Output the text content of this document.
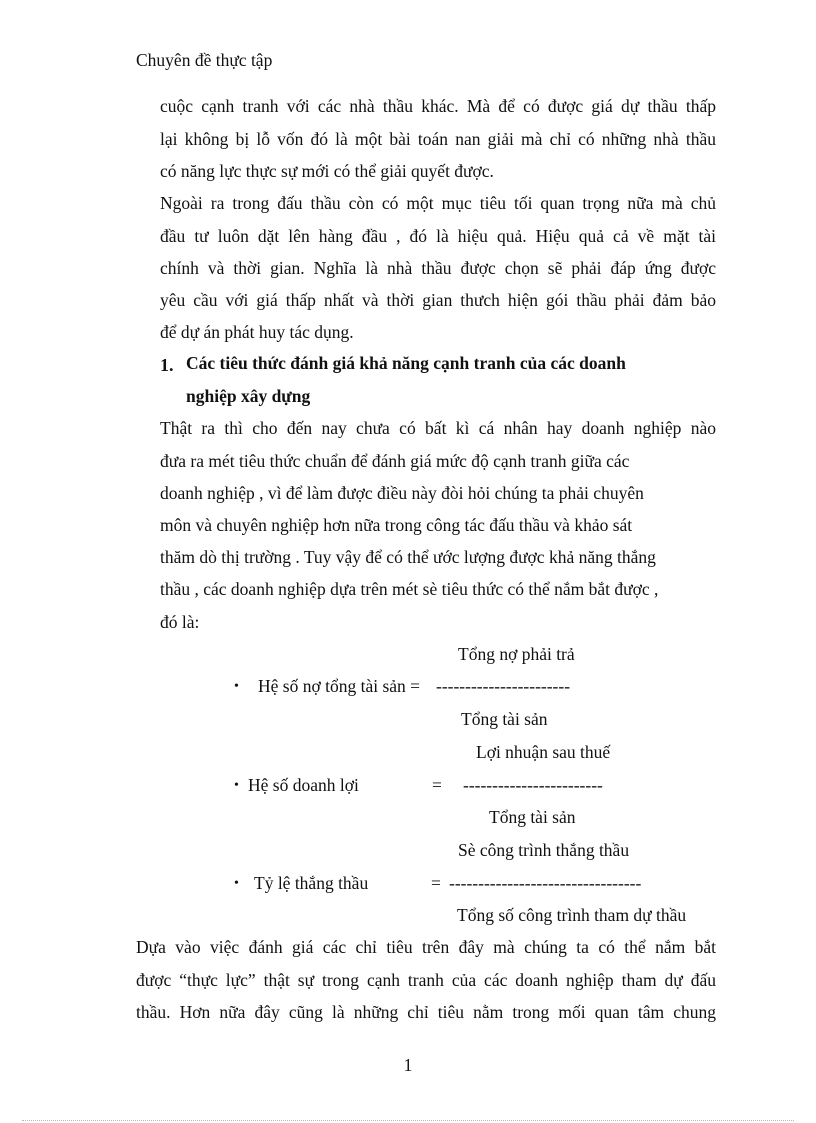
Chuyên đề thực tập
cuộc cạnh tranh với các nhà thầu khác. Mà để có được giá dự thầu thấp
lại không bị lỗ vốn đó là một bài toán nan giải mà chỉ có những nhà thầu
có năng lực thực sự mới có thể giải quyết được.
Ngoài ra trong đấu thầu còn có một mục tiêu tối quan trọng nữa mà chủ
đầu tư luôn dặt lên hàng đầu , đó là hiệu quả. Hiệu quả cả về mặt tài
chính và thời gian. Nghĩa là nhà thầu được chọn sẽ phải đáp ứng được
yêu cầu với giá thấp nhất và thời gian thưch hiện gói thầu phải đảm bảo
để dự án phát huy tác dụng.
1. Các tiêu thức đánh giá khả năng cạnh tranh của các doanh
nghiệp xây dựng
Thật ra thì cho đến nay chưa có bất kì cá nhân hay doanh nghiệp nào
đưa ra mét tiêu thức chuẩn để đánh giá mức độ cạnh tranh giữa các
doanh nghiệp , vì để làm được điều này đòi hỏi chúng ta phải chuyên
môn và chuyên nghiệp hơn nữa trong công tác đấu thầu và khảo sát
thăm dò thị trường . Tuy vậy để có thể ước lượng được khả năng thắng
thầu , các doanh nghiệp dựa trên mét sè tiêu thức có thể nắm bắt được ,
đó là:
Tổng nợ phải trả
• Hệ số nợ tổng tài sản = -----------------------
Tổng tài sản
Lợi nhuận sau thuế
• Hệ số doanh lợi	= ------------------------
Tổng tài sản
Sè công trình thắng thầu
• Tỷ lệ thắng thầu	= ---------------------------------
Tổng số công trình tham dự thầu
Dựa vào việc đánh giá các chỉ tiêu trên đây mà chúng ta có thể nắm bắt
được “thực lực” thật sự trong cạnh tranh của các doanh nghiệp tham dự đấu
thầu. Hơn nữa đây cũng là những chỉ tiêu nằm trong mối quan tâm chung
1
